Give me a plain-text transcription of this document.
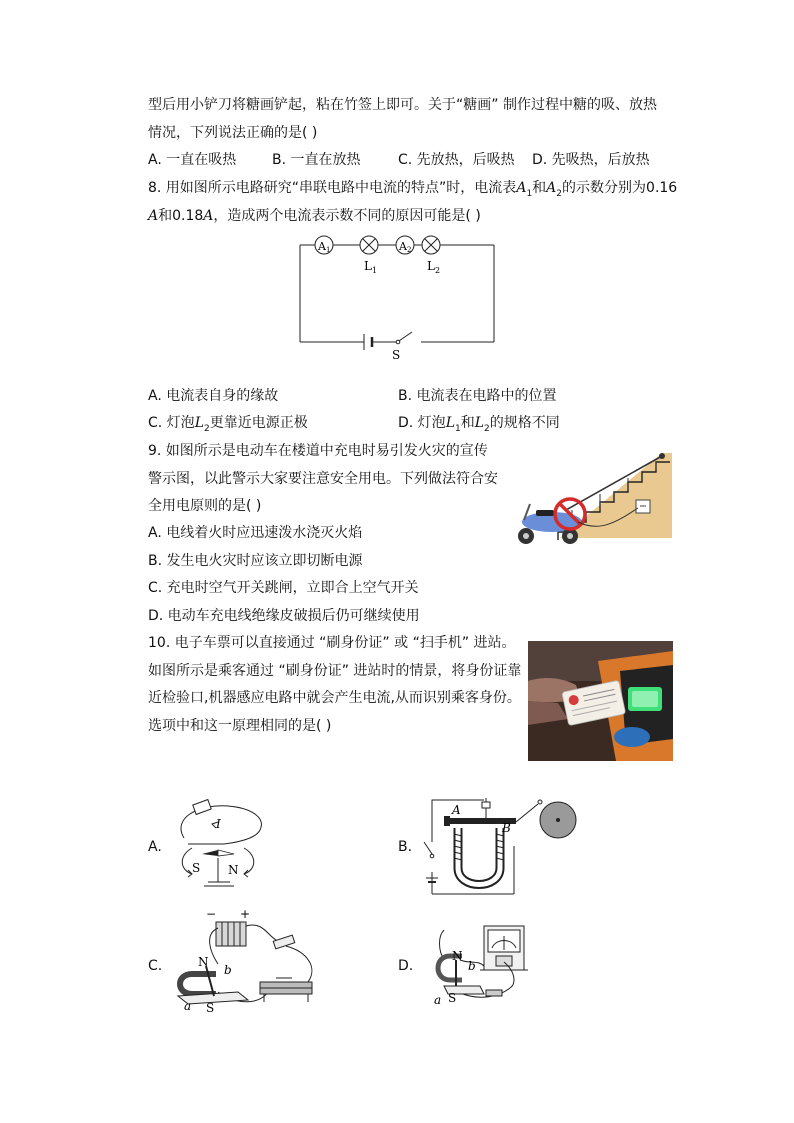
型后用小铲刀将糖画铲起，粘在竹签上即可。关于“糖画” 制作过程中糖的吸、放热
情况，下列说法正确的是( )
A. 一直在吸热	B. 一直在放热	C. 先放热，后吸热 D. 先吸热，后放热
8. 用如图所示电路研究“串联电路中电流的特点”时，电流表$A_1$和$A_2$的示数分别为0.16
A和0.18A，造成两个电流表示数不同的原因可能是( )
A 1
L 1
A 2
L 2
S
A. 电流表自身的缘故	B. 电流表在电路中的位置
C. 灯泡$L_2$更靠近电源正极	D. 灯泡$L_1$和$L_2$的规格不同
9. 如图所示是电动车在楼道中充电时易引发火灾的宣传
警示图，以此警示大家要注意安全用电。下列做法符合安
全用电原则的是( )
A. 电线着火时应迅速泼水浇灭火焰
B. 发生电火灾时应该立即切断电源
C. 充电时空气开关跳闸，立即合上空气开关
D. 电动车充电线绝缘皮破损后仍可继续使用
10. 电子车票可以直接通过 “刷身份证” 或 “扫手机” 进站。
如图所示是乘客通过 “刷身份证” 进站时的情景，将身份证靠
近检验口,机器感应电路中就会产生电流,从而识别乘客身份。
选项中和这一原理相同的是( )
A.	B.
C.	D.
I
S N
A
B
− +
N
b
a S
N
b
a S
